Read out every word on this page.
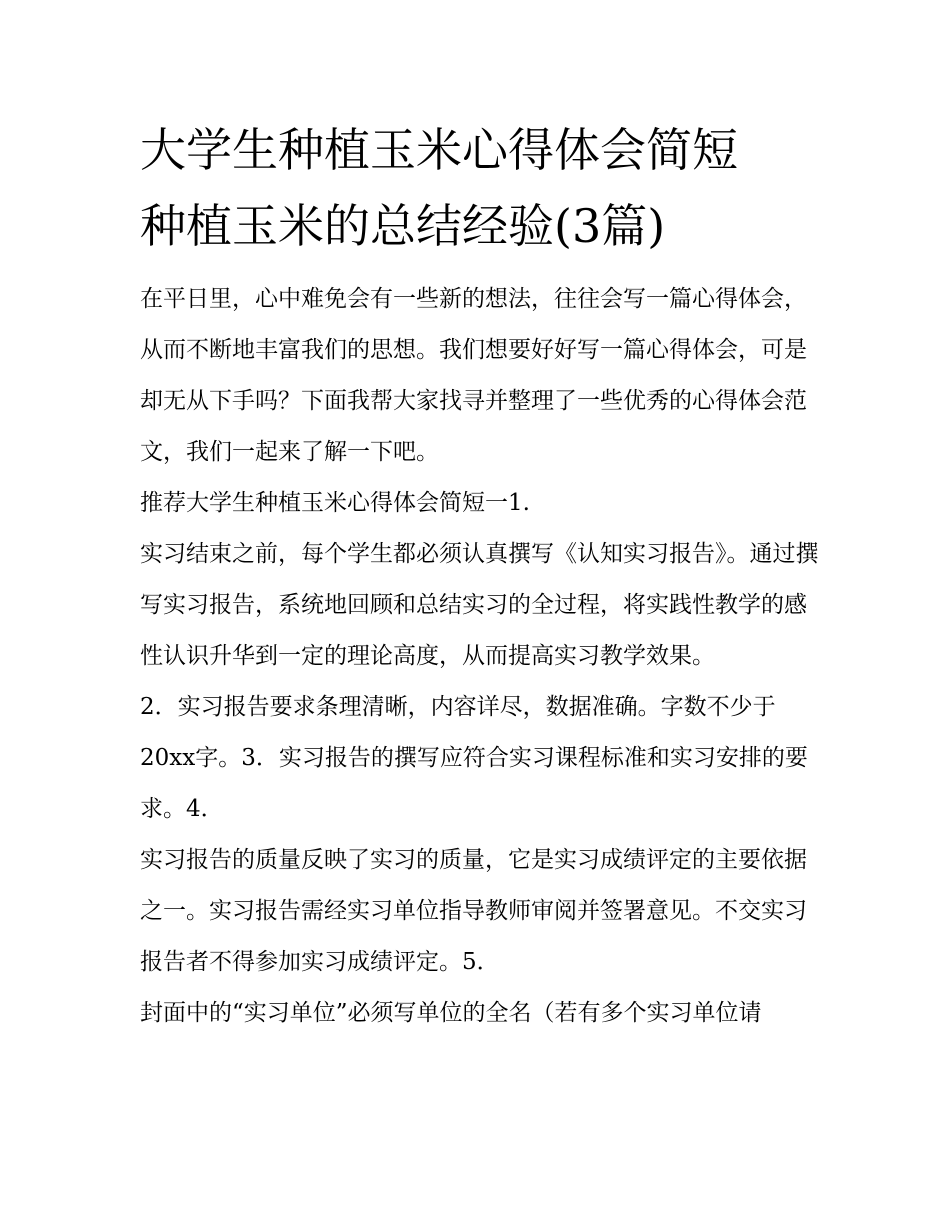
大学生种植玉米心得体会简短
种植玉米的总结经验(3篇)

在平日里，心中难免会有一些新的想法，往往会写一篇心得体会，从而不断地丰富我们的思想。我们想要好好写一篇心得体会，可是却无从下手吗？下面我帮大家找寻并整理了一些优秀的心得体会范文，我们一起来了解一下吧。

推荐大学生种植玉米心得体会简短一1.

实习结束之前，每个学生都必须认真撰写《认知实习报告》。通过撰写实习报告，系统地回顾和总结实习的全过程，将实践性教学的感性认识升华到一定的理论高度，从而提高实习教学效果。

2．实习报告要求条理清晰，内容详尽，数据准确。字数不少于20xx字。3．实习报告的撰写应符合实习课程标准和实习安排的要求。4．

实习报告的质量反映了实习的质量，它是实习成绩评定的主要依据之一。实习报告需经实习单位指导教师审阅并签署意见。不交实习报告者不得参加实习成绩评定。5．

封面中的“实习单位”必须写单位的全名（若有多个实习单位请
